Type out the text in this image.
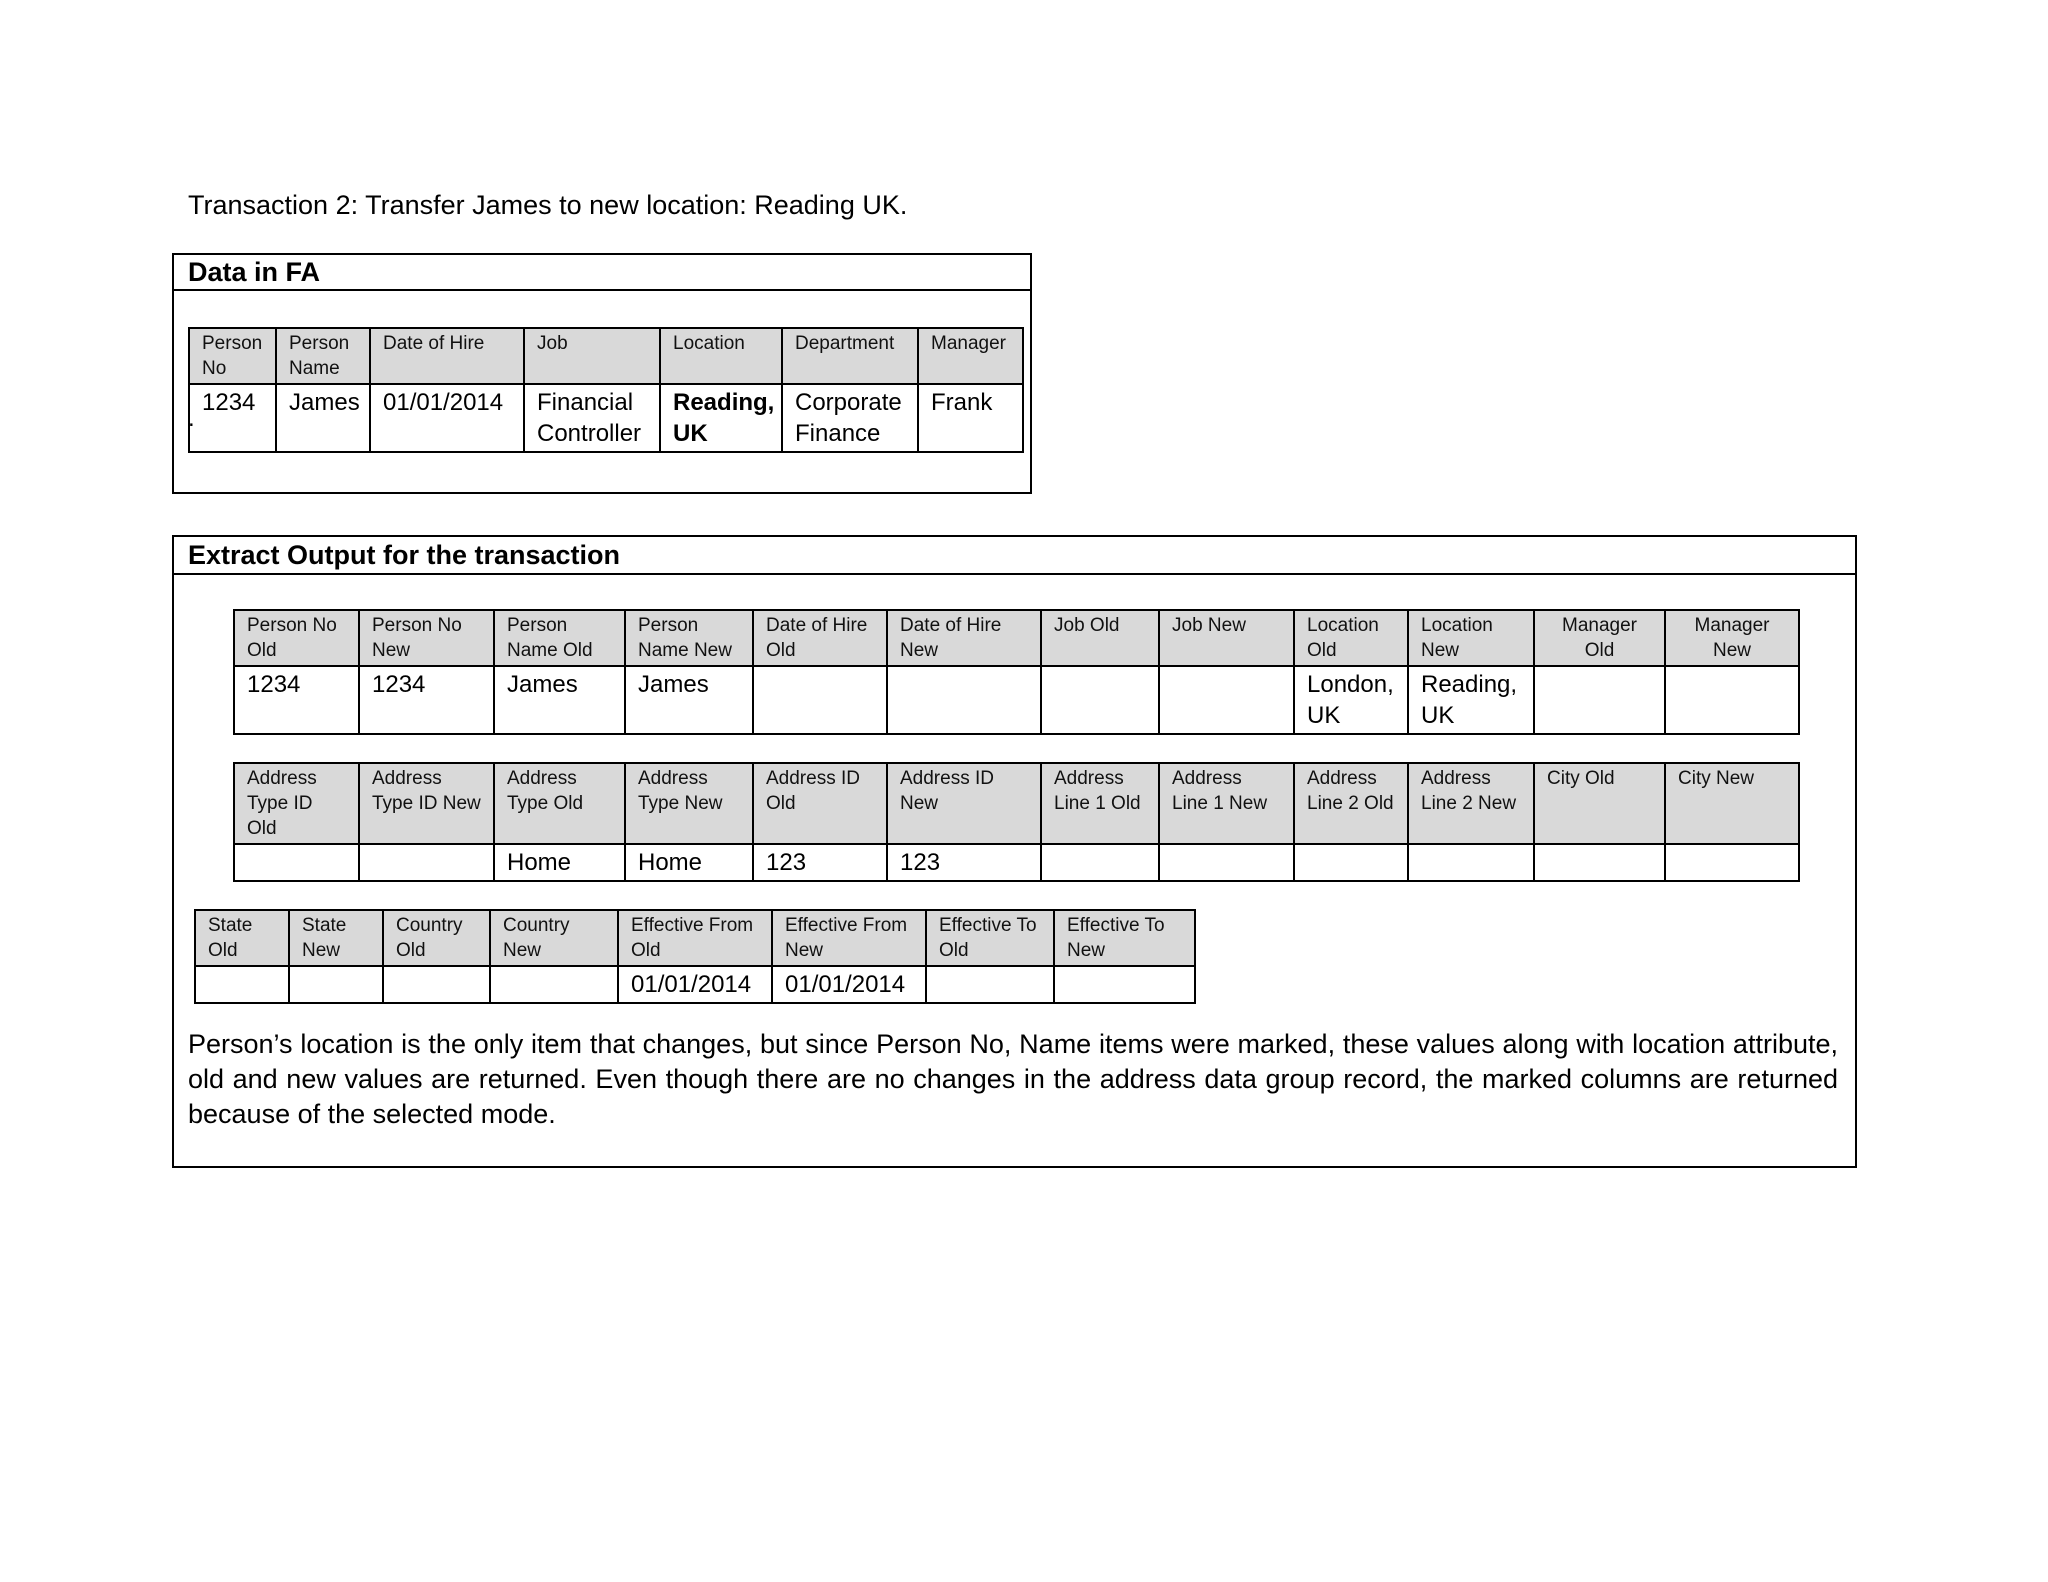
Transaction 2: Transfer James to new location: Reading UK.
Data in FA
Person No	Person Name	Date of Hire	Job	Location	Department	Manager
1234	James	01/01/2014	Financial Controller	Reading, UK	Corporate Finance	Frank
.
Extract Output for the transaction
Person No Old	Person No New	Person Name Old	Person Name New	Date of Hire Old	Date of Hire New	Job Old	Job New	Location Old	Location New	Manager Old	Manager New
1234	1234	James	James					London, UK	Reading, UK		
Address Type ID Old	Address Type ID New	Address Type Old	Address Type New	Address ID Old	Address ID New	Address Line 1 Old	Address Line 1 New	Address Line 2 Old	Address Line 2 New	City Old	City New
		Home	Home	123	123						
State Old	State New	Country Old	Country New	Effective From Old	Effective From New	Effective To Old	Effective To New
				01/01/2014	01/01/2014		

Person’s location is the only item that changes, but since Person No, Name items were marked, these values along with location attribute, old and new values are returned. Even though there are no changes in the address data group record, the marked columns are returned because of the selected mode.
